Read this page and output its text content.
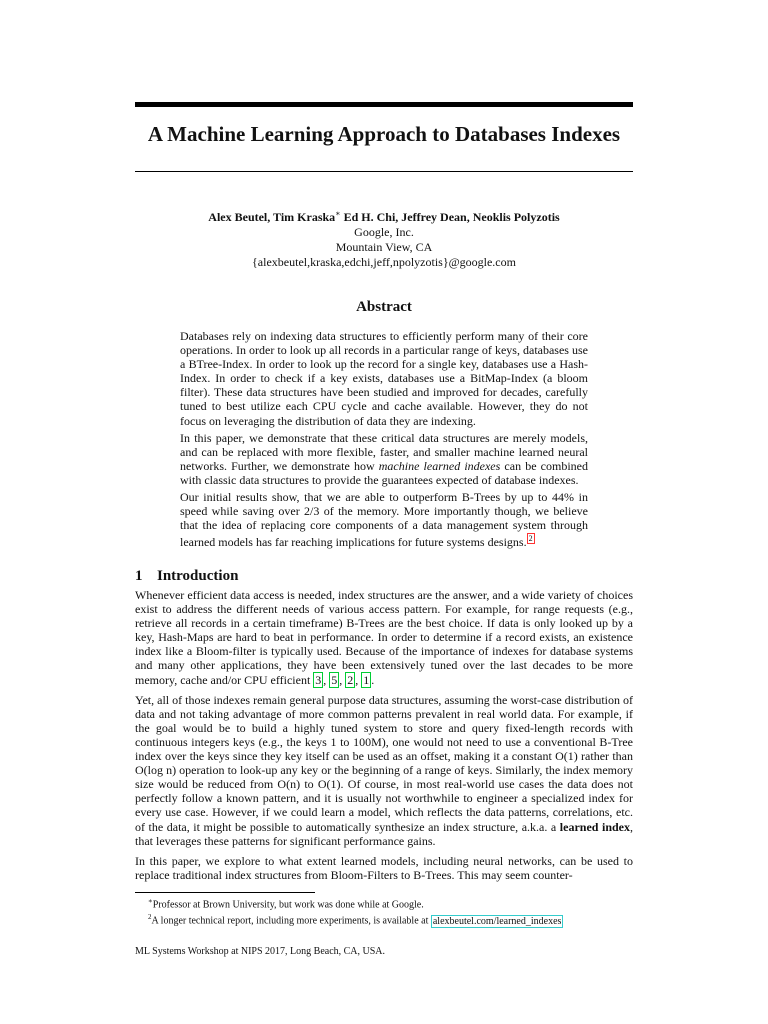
A Machine Learning Approach to Databases Indexes
Alex Beutel, Tim Kraska∗ Ed H. Chi, Jeffrey Dean, Neoklis Polyzotis
Google, Inc.
Mountain View, CA
{alexbeutel,kraska,edchi,jeff,npolyzotis}@google.com
Abstract

Databases rely on indexing data structures to efficiently perform many of their core operations. In order to look up all records in a particular range of keys, databases use a BTree-Index. In order to look up the record for a single key, databases use a Hash-Index. In order to check if a key exists, databases use a BitMap-Index (a bloom filter). These data structures have been studied and improved for decades, carefully tuned to best utilize each CPU cycle and cache available. However, they do not focus on leveraging the distribution of data they are indexing.

In this paper, we demonstrate that these critical data structures are merely models, and can be replaced with more flexible, faster, and smaller machine learned neural networks. Further, we demonstrate how machine learned indexes can be combined with classic data structures to provide the guarantees expected of database indexes.

Our initial results show, that we are able to outperform B-Trees by up to 44% in speed while saving over 2/3 of the memory. More importantly though, we believe that the idea of replacing core components of a data management system through learned models has far reaching implications for future systems designs. $^2$

1 Introduction

Whenever efficient data access is needed, index structures are the answer, and a wide variety of choices exist to address the different needs of various access pattern. For example, for range requests (e.g., retrieve all records in a certain timeframe) B-Trees are the best choice. If data is only looked up by a key, Hash-Maps are hard to beat in performance. In order to determine if a record exists, an existence index like a Bloom-filter is typically used. Because of the importance of indexes for database systems and many other applications, they have been extensively tuned over the last decades to be more memory, cache and/or CPU efficient 3 , 5 , 2 , 1 .

Yet, all of those indexes remain general purpose data structures, assuming the worst-case distribution of data and not taking advantage of more common patterns prevalent in real world data. For example, if the goal would be to build a highly tuned system to store and query fixed-length records with continuous integers keys (e.g., the keys 1 to 100M), one would not need to use a conventional B-Tree index over the keys since they key itself can be used as an offset, making it a constant O(1) rather than O(log n) operation to look-up any key or the beginning of a range of keys. Similarly, the index memory size would be reduced from O(n) to O(1). Of course, in most real-world use cases the data does not perfectly follow a known pattern, and it is usually not worthwhile to engineer a specialized index for every use case. However, if we could learn a model, which reflects the data patterns, correlations, etc. of the data, it might be possible to automatically synthesize an index structure, a.k.a. a learned index, that leverages these patterns for significant performance gains.

In this paper, we explore to what extent learned models, including neural networks, can be used to replace traditional index structures from Bloom-Filters to B-Trees. This may seem counter-

∗Professor at Brown University, but work was done while at Google.
$^2$A longer technical report, including more experiments, is available at alexbeutel.com/learned_indexes
ML Systems Workshop at NIPS 2017, Long Beach, CA, USA.
